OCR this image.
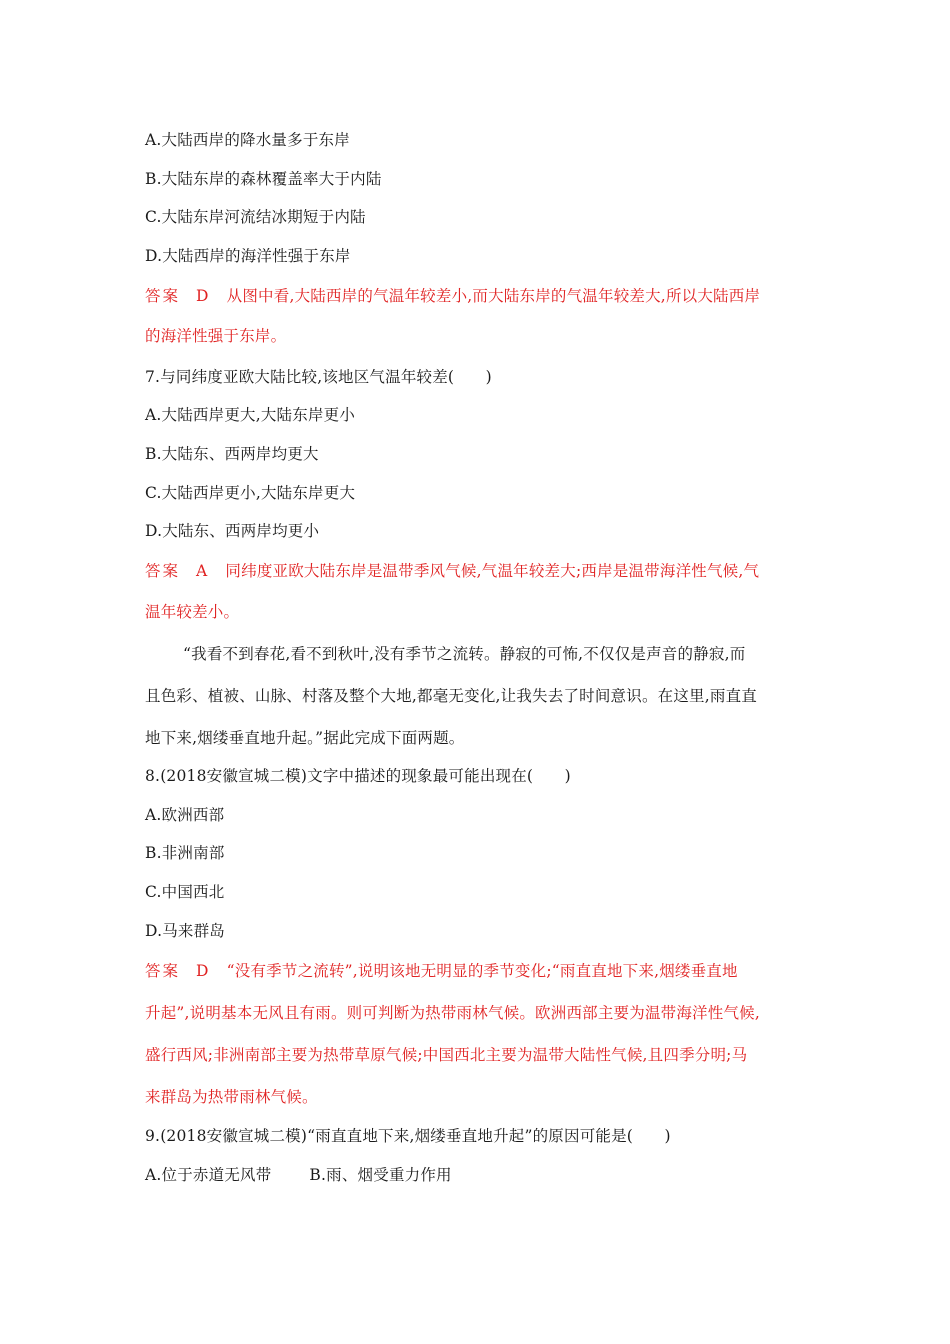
A.大陆西岸的降水量多于东岸
B.大陆东岸的森林覆盖率大于内陆
C.大陆东岸河流结冰期短于内陆
D.大陆西岸的海洋性强于东岸
答案 D 从图中看,大陆西岸的气温年较差小,而大陆东岸的气温年较差大,所以大陆西岸
的海洋性强于东岸。
7.与同纬度亚欧大陆比较,该地区气温年较差(　　)
A.大陆西岸更大,大陆东岸更小
B.大陆东、西两岸均更大
C.大陆西岸更小,大陆东岸更大
D.大陆东、西两岸均更小
答案 A 同纬度亚欧大陆东岸是温带季风气候,气温年较差大;西岸是温带海洋性气候,气
温年较差小。
“我看不到春花,看不到秋叶,没有季节之流转。静寂的可怖,不仅仅是声音的静寂,而
且色彩、植被、山脉、村落及整个大地,都毫无变化,让我失去了时间意识。在这里,雨直直
地下来,烟缕垂直地升起。”据此完成下面两题。
8.(2018安徽宣城二模)文字中描述的现象最可能出现在(　　)
A.欧洲西部
B.非洲南部
C.中国西北
D.马来群岛
答案 D “没有季节之流转”,说明该地无明显的季节变化;“雨直直地下来,烟缕垂直地
升起”,说明基本无风且有雨。则可判断为热带雨林气候。欧洲西部主要为温带海洋性气候,
盛行西风;非洲南部主要为热带草原气候;中国西北主要为温带大陆性气候,且四季分明;马
来群岛为热带雨林气候。
9.(2018安徽宣城二模)“雨直直地下来,烟缕垂直地升起”的原因可能是(　　)
A.位于赤道无风带 B.雨、烟受重力作用
